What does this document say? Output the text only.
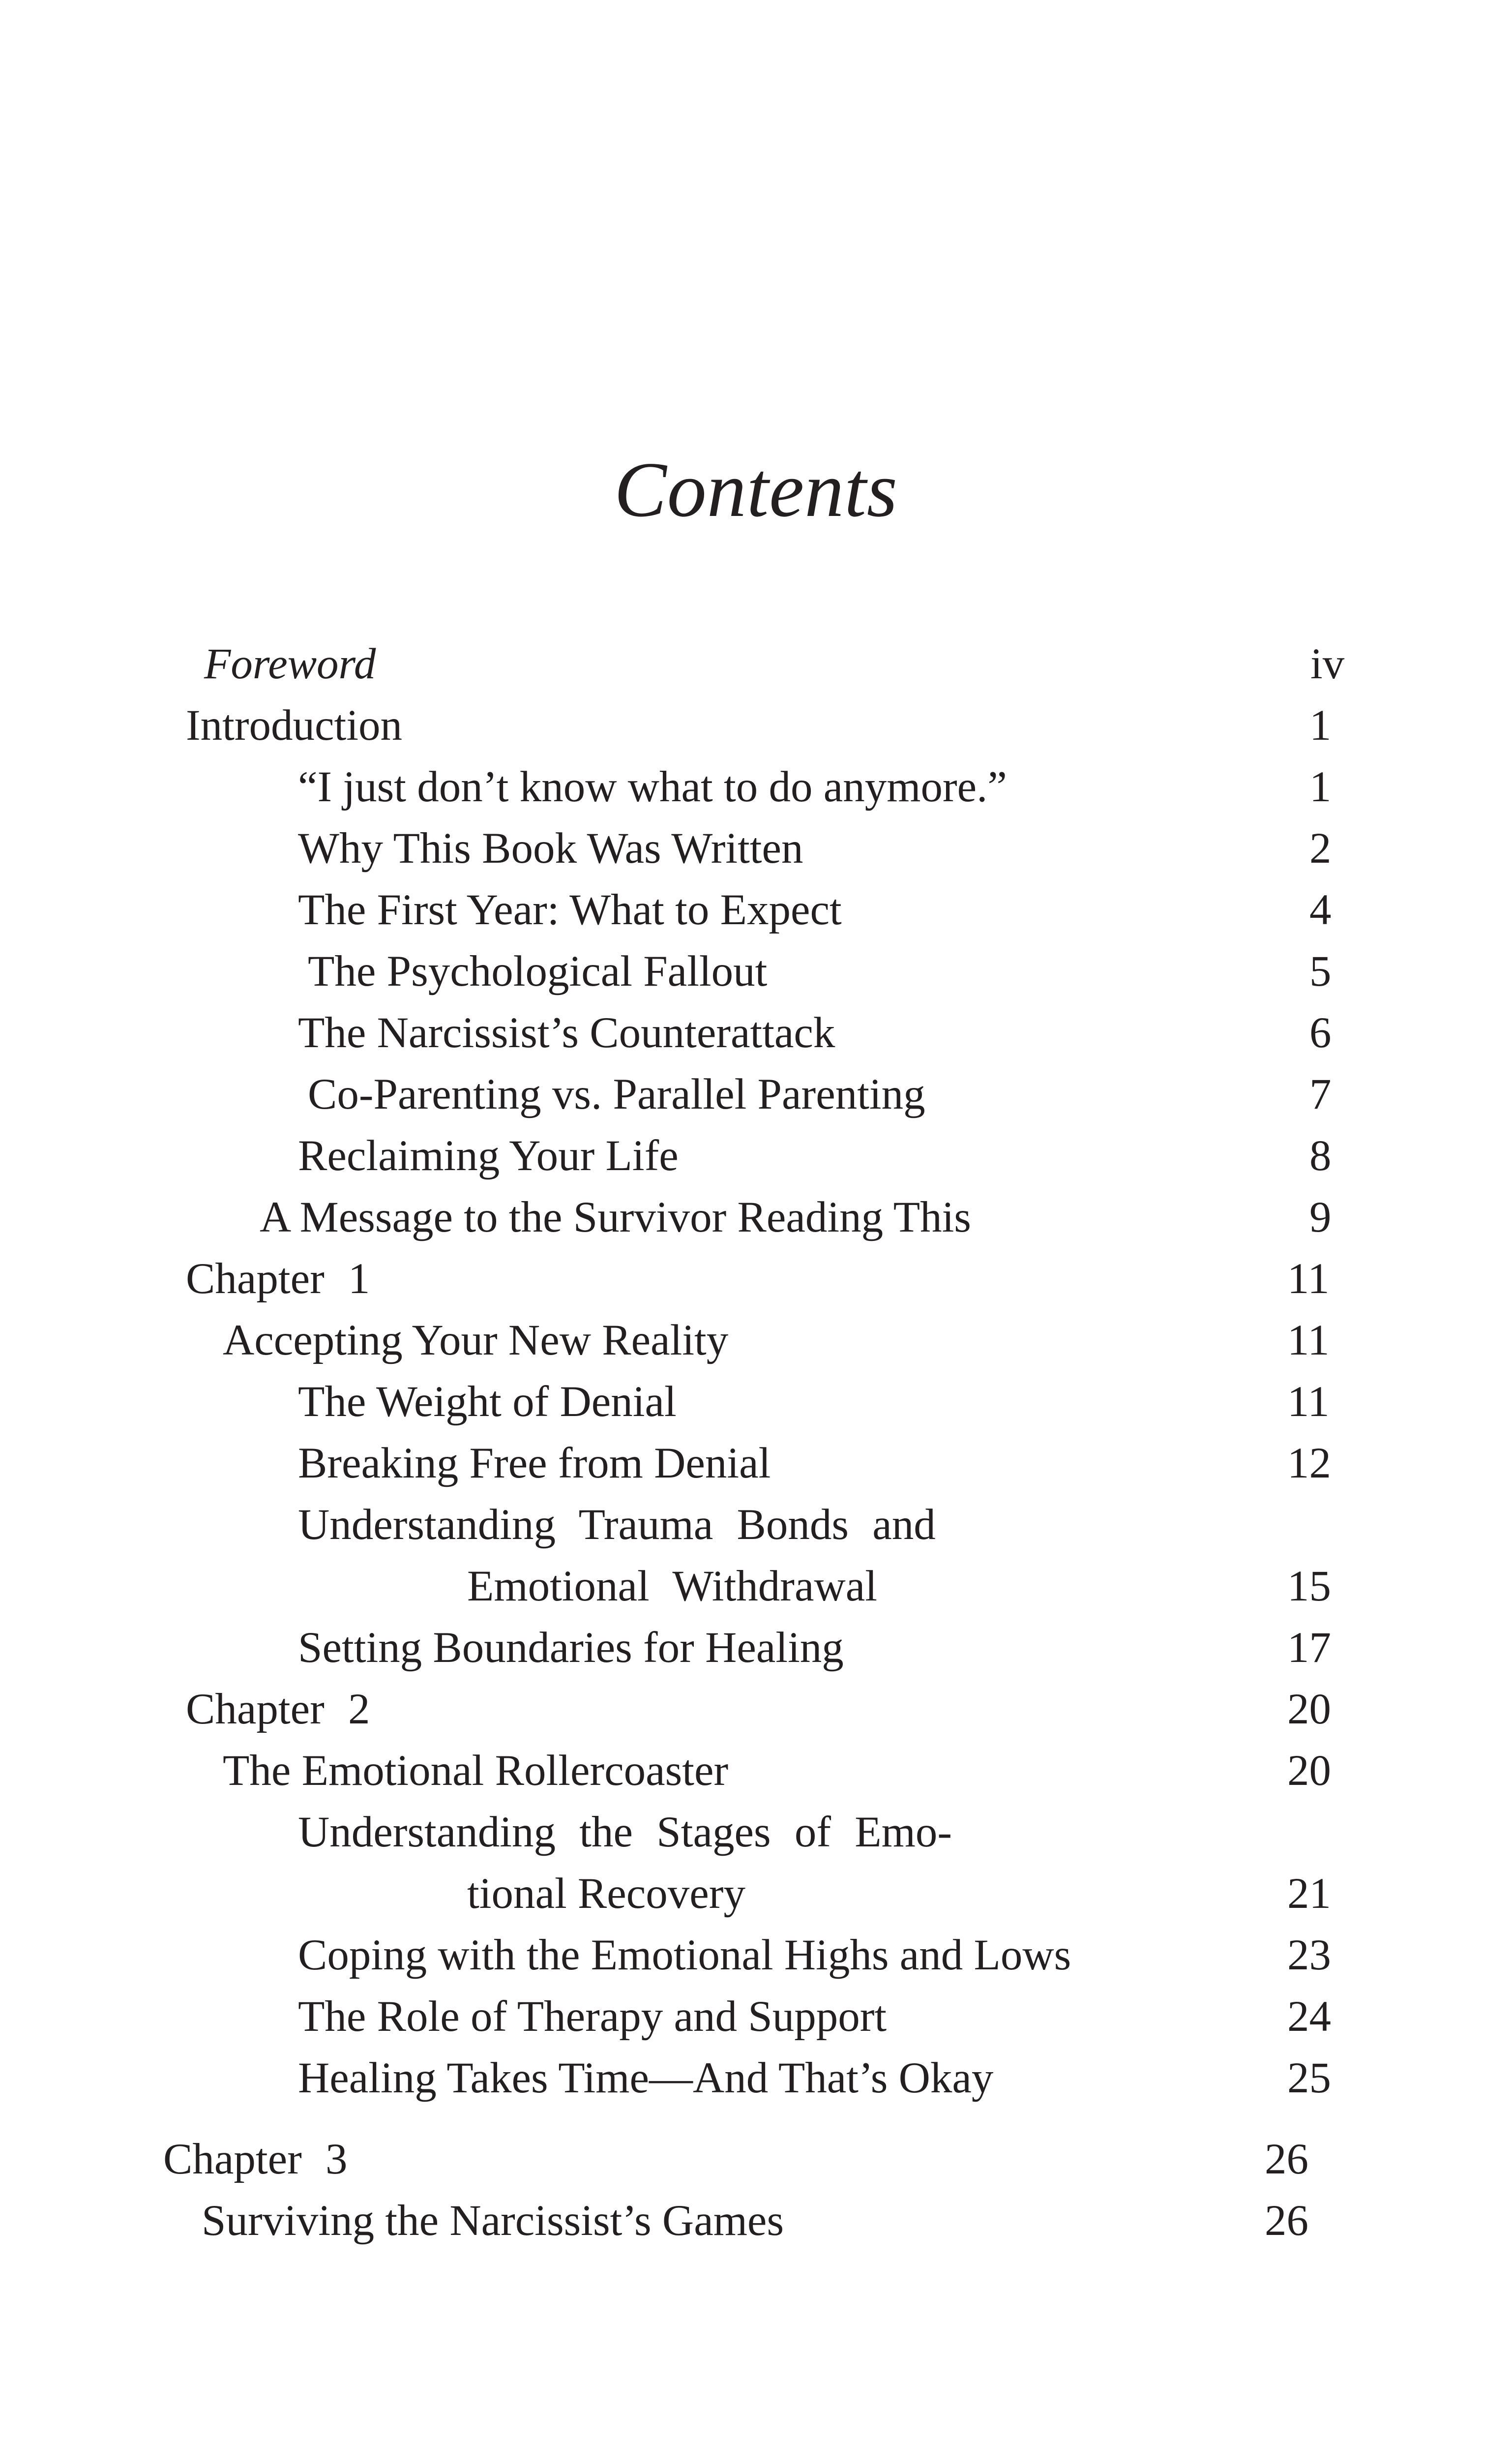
Contents
Foreword	iv
Introduction	1
“I just don’t know what to do anymore.”	1
Why This Book Was Written	2
The First Year: What to Expect	4
The Psychological Fallout	5
The Narcissist’s Counterattack	6
Co-Parenting vs. Parallel Parenting	7
Reclaiming Your Life	8
A Message to the Survivor Reading This	9
Chapter 1	11
Accepting Your New Reality	11
The Weight of Denial	11
Breaking Free from Denial	12
Understanding Trauma Bonds and
Emotional Withdrawal	15
Setting Boundaries for Healing	17
Chapter 2	20
The Emotional Rollercoaster	20
Understanding the Stages of Emo-
tional Recovery	21
Coping with the Emotional Highs and Lows	23
The Role of Therapy and Support	24
Healing Takes Time—And That’s Okay	25
Chapter 3	26
Surviving the Narcissist’s Games	26
